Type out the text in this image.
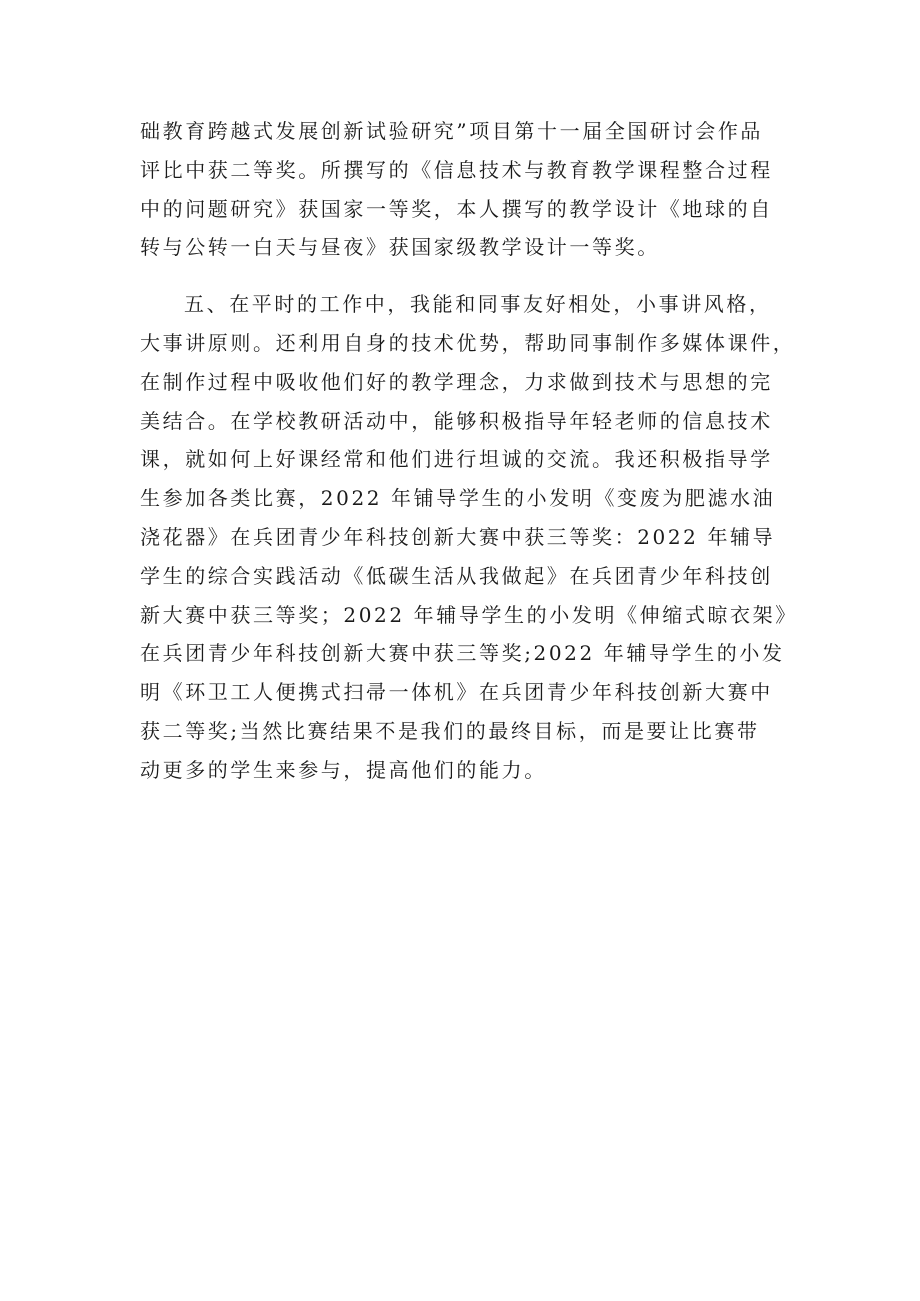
础教育跨越式发展创新试验研究”项目第十一届全国研讨会作品

评比中获二等奖。所撰写的《信息技术与教育教学课程整合过程

中的问题研究》获国家一等奖，本人撰写的教学设计《地球的自

转与公转一白天与昼夜》获国家级教学设计一等奖。

五、在平时的工作中，我能和同事友好相处，小事讲风格，

大事讲原则。还利用自身的技术优势，帮助同事制作多媒体课件，

在制作过程中吸收他们好的教学理念，力求做到技术与思想的完

美结合。在学校教研活动中，能够积极指导年轻老师的信息技术

课，就如何上好课经常和他们进行坦诚的交流。我还积极指导学

生参加各类比赛，2022 年铺导学生的小发明《变废为肥滤水油

浇花器》在兵团青少年科技创新大赛中获三等奖：2022 年辅导

学生的综合实践活动《低碳生活从我做起》在兵团青少年科技创

新大赛中获三等奖；2022 年辅导学生的小发明《伸缩式晾衣架》

在兵团青少年科技创新大赛中获三等奖;2022 年辅导学生的小发

明《环卫工人便携式扫帚一体机》在兵团青少年科技创新大赛中

获二等奖;当然比赛结果不是我们的最终目标，而是要让比赛带

动更多的学生来参与，提高他们的能力。
